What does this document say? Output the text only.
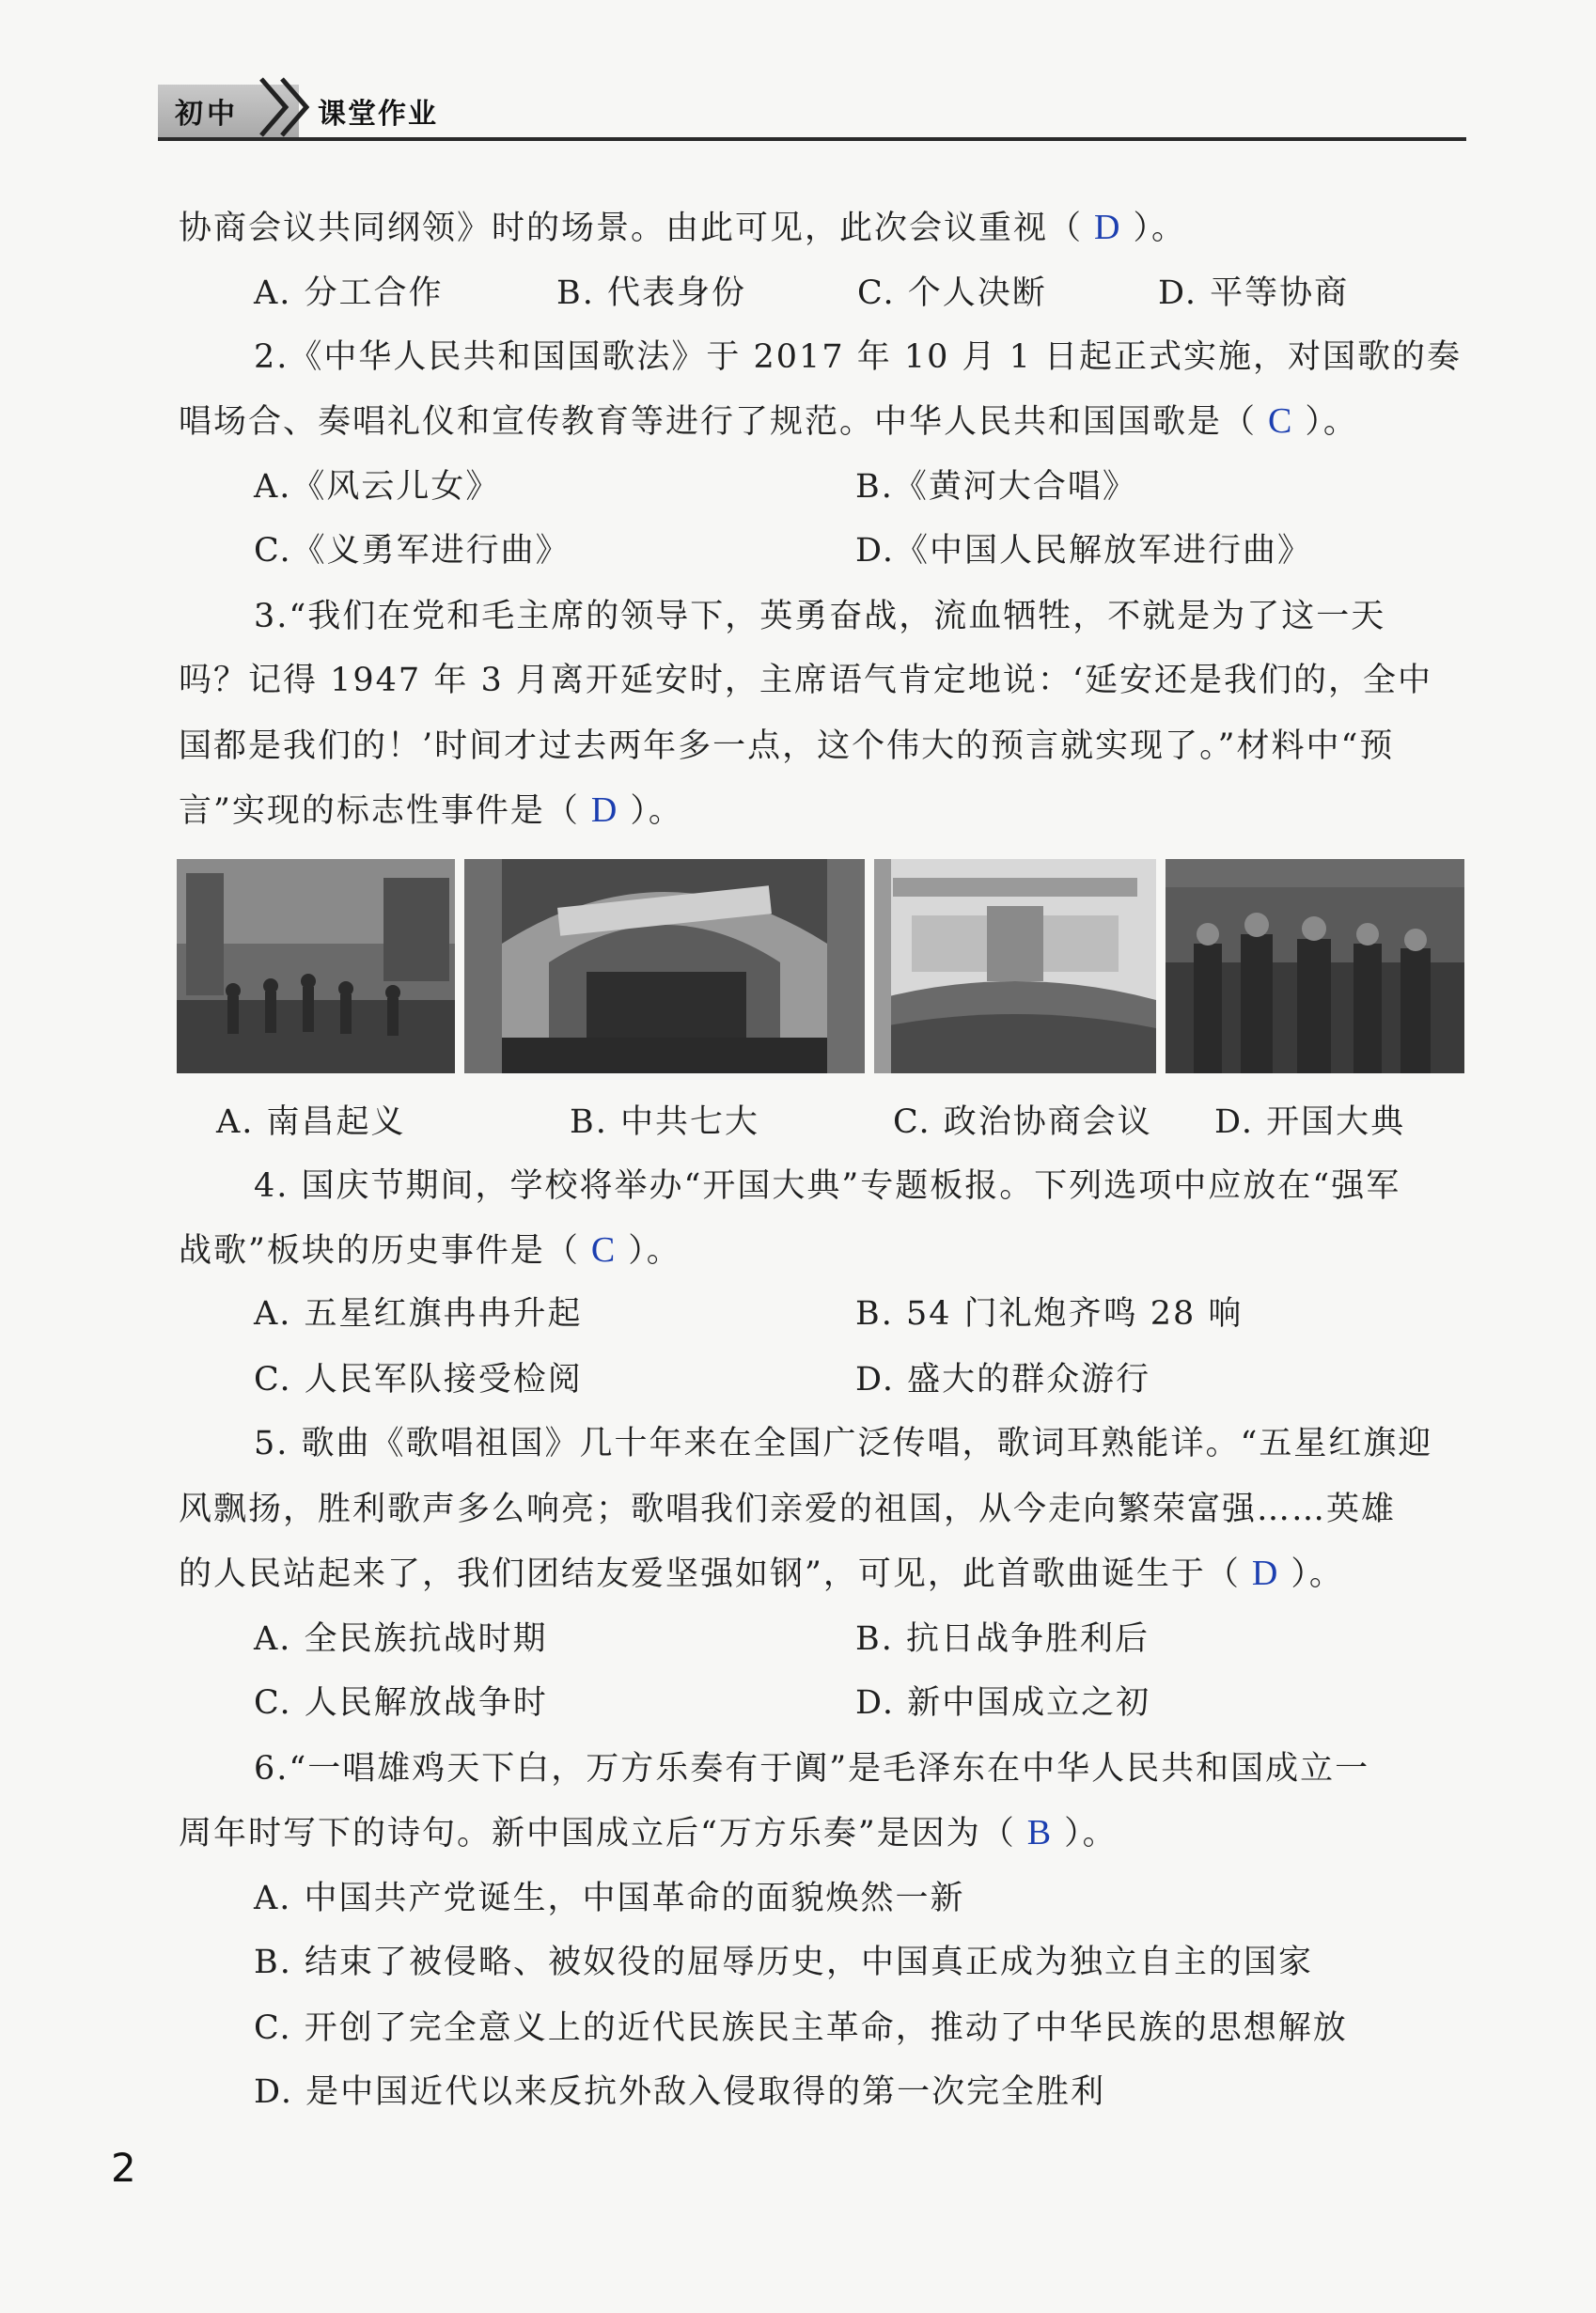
初中	课堂作业
协商会议共同纲领》时的场景。由此可见，此次会议重视（ D ）。
A. 分工合作	B. 代表身份	C. 个人决断	D. 平等协商
2.《中华人民共和国国歌法》于 2017 年 10 月 1 日起正式实施，对国歌的奏
唱场合、奏唱礼仪和宣传教育等进行了规范。中华人民共和国国歌是（ C ）。
A.《风云儿女》	B.《黄河大合唱》
C.《义勇军进行曲》	D.《中国人民解放军进行曲》
3.“我们在党和毛主席的领导下，英勇奋战，流血牺牲，不就是为了这一天
吗？记得 1947 年 3 月离开延安时，主席语气肯定地说：‘延安还是我们的，全中
国都是我们的！’时间才过去两年多一点，这个伟大的预言就实现了。”材料中“预
言”实现的标志性事件是（ D ）。
A. 南昌起义	B. 中共七大	C. 政治协商会议 D. 开国大典
4. 国庆节期间，学校将举办“开国大典”专题板报。下列选项中应放在“强军
战歌”板块的历史事件是（ C ）。
A. 五星红旗冉冉升起	B. 54 门礼炮齐鸣 28 响
C. 人民军队接受检阅	D. 盛大的群众游行
5. 歌曲《歌唱祖国》几十年来在全国广泛传唱，歌词耳熟能详。“五星红旗迎
风飘扬，胜利歌声多么响亮；歌唱我们亲爱的祖国，从今走向繁荣富强……英雄
的人民站起来了，我们团结友爱坚强如钢”，可见，此首歌曲诞生于（ D ）。
A. 全民族抗战时期	B. 抗日战争胜利后
C. 人民解放战争时	D. 新中国成立之初
6.“一唱雄鸡天下白，万方乐奏有于阗”是毛泽东在中华人民共和国成立一
周年时写下的诗句。新中国成立后“万方乐奏”是因为（ B ）。
A. 中国共产党诞生，中国革命的面貌焕然一新
B. 结束了被侵略、被奴役的屈辱历史，中国真正成为独立自主的国家
C. 开创了完全意义上的近代民族民主革命，推动了中华民族的思想解放
D. 是中国近代以来反抗外敌入侵取得的第一次完全胜利
2
